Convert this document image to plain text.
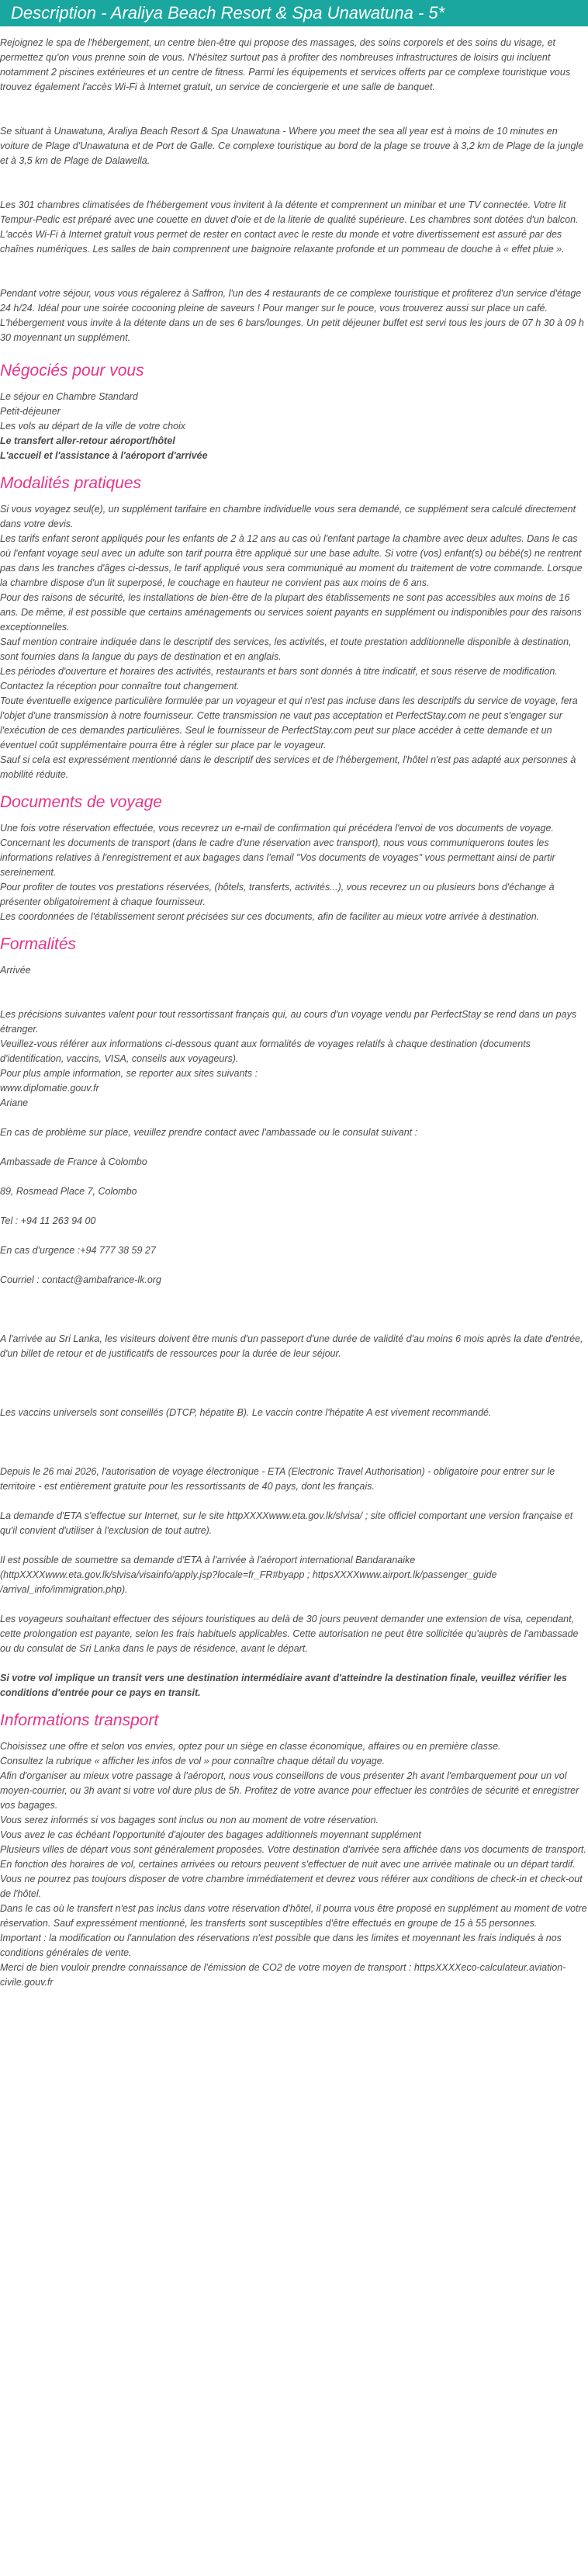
Description - Araliya Beach Resort & Spa Unawatuna - 5*

Rejoignez le spa de l'hébergement, un centre bien-être qui propose des massages, des soins corporels et des soins du visage, et permettez qu'on vous prenne soin de vous. N'hésitez surtout pas à profiter des nombreuses infrastructures de loisirs qui incluent notamment 2 piscines extérieures et un centre de fitness. Parmi les équipements et services offerts par ce complexe touristique vous trouvez également l'accès Wi-Fi à Internet gratuit, un service de conciergerie et une salle de banquet.

Se situant à Unawatuna, Araliya Beach Resort & Spa Unawatuna - Where you meet the sea all year est à moins de 10 minutes en voiture de Plage d'Unawatuna et de Port de Galle. Ce complexe touristique au bord de la plage se trouve à 3,2 km de Plage de la jungle et à 3,5 km de Plage de Dalawella.

Les 301 chambres climatisées de l'hébergement vous invitent à la détente et comprennent un minibar et une TV connectée. Votre lit Tempur-Pedic est préparé avec une couette en duvet d'oie et de la literie de qualité supérieure. Les chambres sont dotées d'un balcon. L'accès Wi-Fi à Internet gratuit vous permet de rester en contact avec le reste du monde et votre divertissement est assuré par des chaînes numériques. Les salles de bain comprennent une baignoire relaxante profonde et un pommeau de douche à « effet pluie ».

Pendant votre séjour, vous vous régalerez à Saffron, l'un des 4 restaurants de ce complexe touristique et profiterez d'un service d'étage 24 h/24. Idéal pour une soirée cocooning pleine de saveurs ! Pour manger sur le pouce, vous trouverez aussi sur place un café. L'hébergement vous invite à la détente dans un de ses 6 bars/lounges. Un petit déjeuner buffet est servi tous les jours de 07 h 30 à 09 h 30 moyennant un supplément.

Négociés pour vous

Le séjour en Chambre Standard

Petit-déjeuner

Les vols au départ de la ville de votre choix

Le transfert aller-retour aéroport/hôtel

L'accueil et l'assistance à l'aéroport d'arrivée

Modalités pratiques

Si vous voyagez seul(e), un supplément tarifaire en chambre individuelle vous sera demandé, ce supplément sera calculé directement dans votre devis.

Les tarifs enfant seront appliqués pour les enfants de 2 à 12 ans au cas où l'enfant partage la chambre avec deux adultes. Dans le cas où l'enfant voyage seul avec un adulte son tarif pourra être appliqué sur une base adulte. Si votre (vos) enfant(s) ou bébé(s) ne rentrent pas dans les tranches d'âges ci-dessus, le tarif appliqué vous sera communiqué au moment du traitement de votre commande. Lorsque la chambre dispose d'un lit superposé, le couchage en hauteur ne convient pas aux moins de 6 ans.

Pour des raisons de sécurité, les installations de bien-être de la plupart des établissements ne sont pas accessibles aux moins de 16 ans. De même, il est possible que certains aménagements ou services soient payants en supplément ou indisponibles pour des raisons exceptionnelles.

Sauf mention contraire indiquée dans le descriptif des services, les activités, et toute prestation additionnelle disponible à destination, sont fournies dans la langue du pays de destination et en anglais.

Les périodes d'ouverture et horaires des activités, restaurants et bars sont donnés à titre indicatif, et sous réserve de modification. Contactez la réception pour connaître tout changement.

Toute éventuelle exigence particulière formulée par un voyageur et qui n'est pas incluse dans les descriptifs du service de voyage, fera l'objet d'une transmission à notre fournisseur. Cette transmission ne vaut pas acceptation et PerfectStay.com ne peut s'engager sur l'exécution de ces demandes particulières. Seul le fournisseur de PerfectStay.com peut sur place accéder à cette demande et un éventuel coût supplémentaire pourra être à régler sur place par le voyageur.

Sauf si cela est expressément mentionné dans le descriptif des services et de l'hébergement, l'hôtel n'est pas adapté aux personnes à mobilité réduite.

Documents de voyage

Une fois votre réservation effectuée, vous recevrez un e-mail de confirmation qui précédera l'envoi de vos documents de voyage.

Concernant les documents de transport (dans le cadre d'une réservation avec transport), nous vous communiquerons toutes les informations relatives à l'enregistrement et aux bagages dans l'email "Vos documents de voyages" vous permettant ainsi de partir sereinement.

Pour profiter de toutes vos prestations réservées, (hôtels, transferts, activités...), vous recevrez un ou plusieurs bons d'échange à présenter obligatoirement à chaque fournisseur.

Les coordonnées de l'établissement seront précisées sur ces documents, afin de faciliter au mieux votre arrivée à destination.

Formalités

Arrivée

Les précisions suivantes valent pour tout ressortissant français qui, au cours d'un voyage vendu par PerfectStay se rend dans un pays étranger.

Veuillez-vous référer aux informations ci-dessous quant aux formalités de voyages relatifs à chaque destination (documents d'identification, vaccins, VISA, conseils aux voyageurs).

Pour plus ample information, se reporter aux sites suivants :

www.diplomatie.gouv.fr

Ariane

En cas de problème sur place, veuillez prendre contact avec l'ambassade ou le consulat suivant :

Ambassade de France à Colombo

89, Rosmead Place 7, Colombo

Tel : +94 11 263 94 00

En cas d'urgence :+94 777 38 59 27

Courriel : contact@ambafrance-lk.org

A l'arrivée au Sri Lanka, les visiteurs doivent être munis d'un passeport d'une durée de validité d'au moins 6 mois après la date d'entrée, d'un billet de retour et de justificatifs de ressources pour la durée de leur séjour.

Les vaccins universels sont conseillés (DTCP, hépatite B). Le vaccin contre l'hépatite A est vivement recommandé.

Depuis le 26 mai 2026, l'autorisation de voyage électronique - ETA (Electronic Travel Authorisation) - obligatoire pour entrer sur le territoire - est entièrement gratuite pour les ressortissants de 40 pays, dont les français.

La demande d'ETA s'effectue sur Internet, sur le site httpXXXXwww.eta.gov.lk/slvisa/ ; site officiel comportant une version française et qu'il convient d'utiliser à l'exclusion de tout autre).

Il est possible de soumettre sa demande d'ETA à l'arrivée à l'aéroport international Bandaranaike (httpXXXXwww.eta.gov.lk/slvisa/visainfo/apply.jsp?locale=fr_FR#byapp ; httpsXXXXwww.airport.lk/passenger_guide /arrival_info/immigration.php).

Les voyageurs souhaitant effectuer des séjours touristiques au delà de 30 jours peuvent demander une extension de visa, cependant, cette prolongation est payante, selon les frais habituels applicables. Cette autorisation ne peut être sollicitée qu'auprès de l'ambassade ou du consulat de Sri Lanka dans le pays de résidence, avant le départ.

Si votre vol implique un transit vers une destination intermédiaire avant d'atteindre la destination finale, veuillez vérifier les conditions d'entrée pour ce pays en transit.

Informations transport

Choisissez une offre et selon vos envies, optez pour un siège en classe économique, affaires ou en première classe.

Consultez la rubrique « afficher les infos de vol » pour connaître chaque détail du voyage.

Afin d'organiser au mieux votre passage à l'aéroport, nous vous conseillons de vous présenter 2h avant l'embarquement pour un vol moyen-courrier, ou 3h avant si votre vol dure plus de 5h. Profitez de votre avance pour effectuer les contrôles de sécurité et enregistrer vos bagages.

Vous serez informés si vos bagages sont inclus ou non au moment de votre réservation.

Vous avez le cas échéant l'opportunité d'ajouter des bagages additionnels moyennant supplément

Plusieurs villes de départ vous sont généralement proposées. Votre destination d'arrivée sera affichée dans vos documents de transport.

En fonction des horaires de vol, certaines arrivées ou retours peuvent s'effectuer de nuit avec une arrivée matinale ou un départ tardif. Vous ne pourrez pas toujours disposer de votre chambre immédiatement et devrez vous référer aux conditions de check-in et check-out de l'hôtel.

Dans le cas où le transfert n'est pas inclus dans votre réservation d'hôtel, il pourra vous être proposé en supplément au moment de votre réservation. Sauf expressément mentionné, les transferts sont susceptibles d'être effectués en groupe de 15 à 55 personnes.

Important : la modification ou l'annulation des réservations n'est possible que dans les limites et moyennant les frais indiqués à nos conditions générales de vente.

Merci de bien vouloir prendre connaissance de l'émission de CO2 de votre moyen de transport : httpsXXXXeco-calculateur.aviation-civile.gouv.fr
